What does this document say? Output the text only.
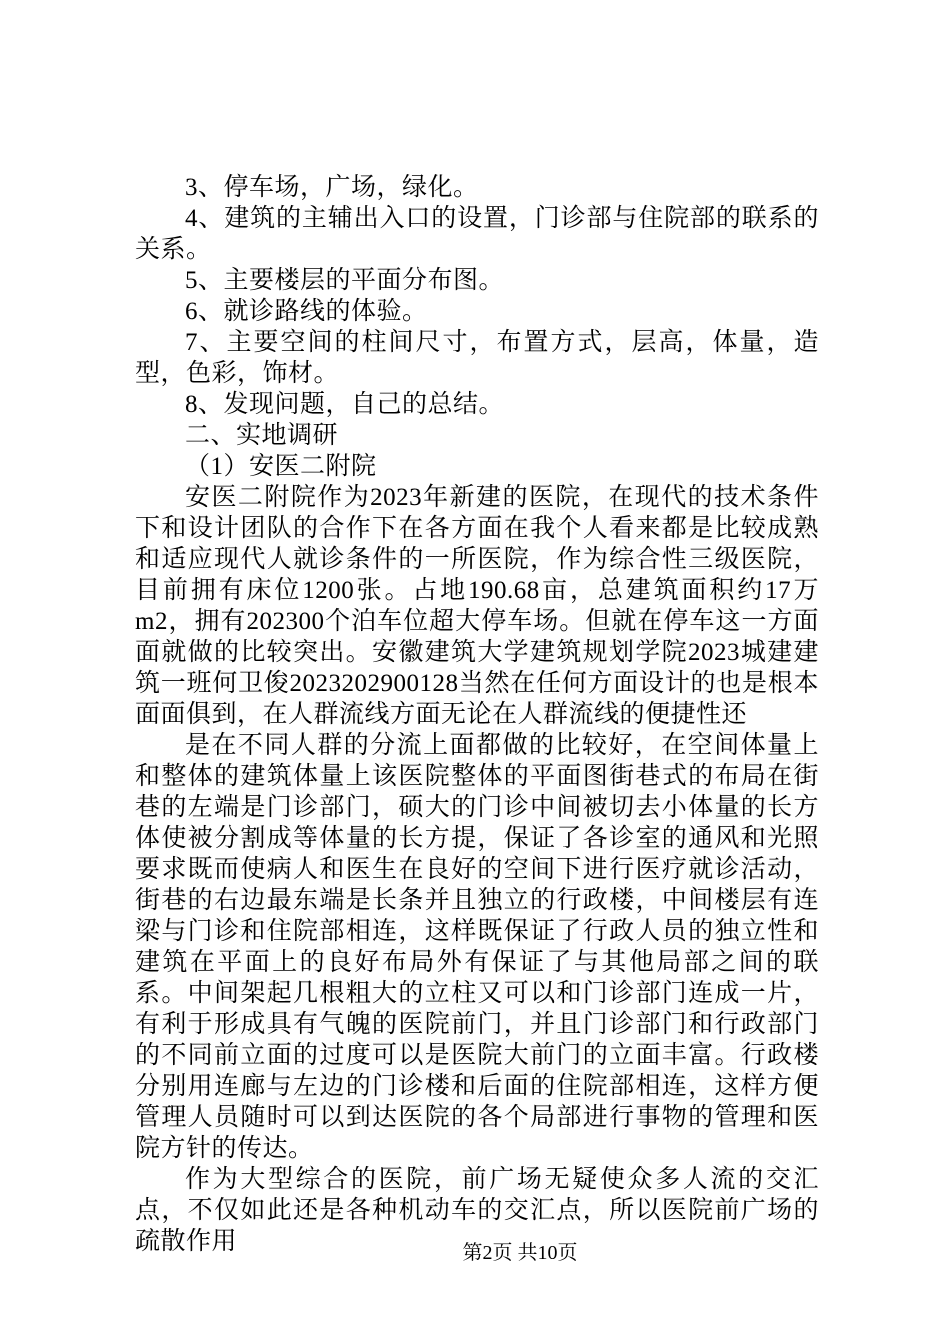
3、停车场，广场，绿化。

4、建筑的主辅出入口的设置，门诊部与住院部的联系的关系。

5、主要楼层的平面分布图。

6、就诊路线的体验。

7、主要空间的柱间尺寸，布置方式，层高，体量，造型，色彩，饰材。

8、发现问题，自己的总结。

二、实地调研

（1）安医二附院

安医二附院作为2023年新建的医院，在现代的技术条件下和设计团队的合作下在各方面在我个人看来都是比较成熟和适应现代人就诊条件的一所医院，作为综合性三级医院，目前拥有床位1200张。占地190.68亩，总建筑面积约17万m2，拥有202300个泊车位超大停车场。但就在停车这一方面面就做的比较突出。安徽建筑大学建筑规划学院2023城建建筑一班何卫俊2023202900128当然在任何方面设计的也是根本面面俱到，在人群流线方面无论在人群流线的便捷性还

是在不同人群的分流上面都做的比较好，在空间体量上和整体的建筑体量上该医院整体的平面图街巷式的布局在街巷的左端是门诊部门，硕大的门诊中间被切去小体量的长方体使被分割成等体量的长方提，保证了各诊室的通风和光照要求既而使病人和医生在良好的空间下进行医疗就诊活动，街巷的右边最东端是长条并且独立的行政楼，中间楼层有连梁与门诊和住院部相连，这样既保证了行政人员的独立性和建筑在平面上的良好布局外有保证了与其他局部之间的联系。中间架起几根粗大的立柱又可以和门诊部门连成一片，有利于形成具有气魄的医院前门，并且门诊部门和行政部门的不同前立面的过度可以是医院大前门的立面丰富。行政楼分别用连廊与左边的门诊楼和后面的住院部相连，这样方便管理人员随时可以到达医院的各个局部进行事物的管理和医院方针的传达。

作为大型综合的医院，前广场无疑使众多人流的交汇点，不仅如此还是各种机动车的交汇点，所以医院前广场的疏散作用	第2页 共10页
